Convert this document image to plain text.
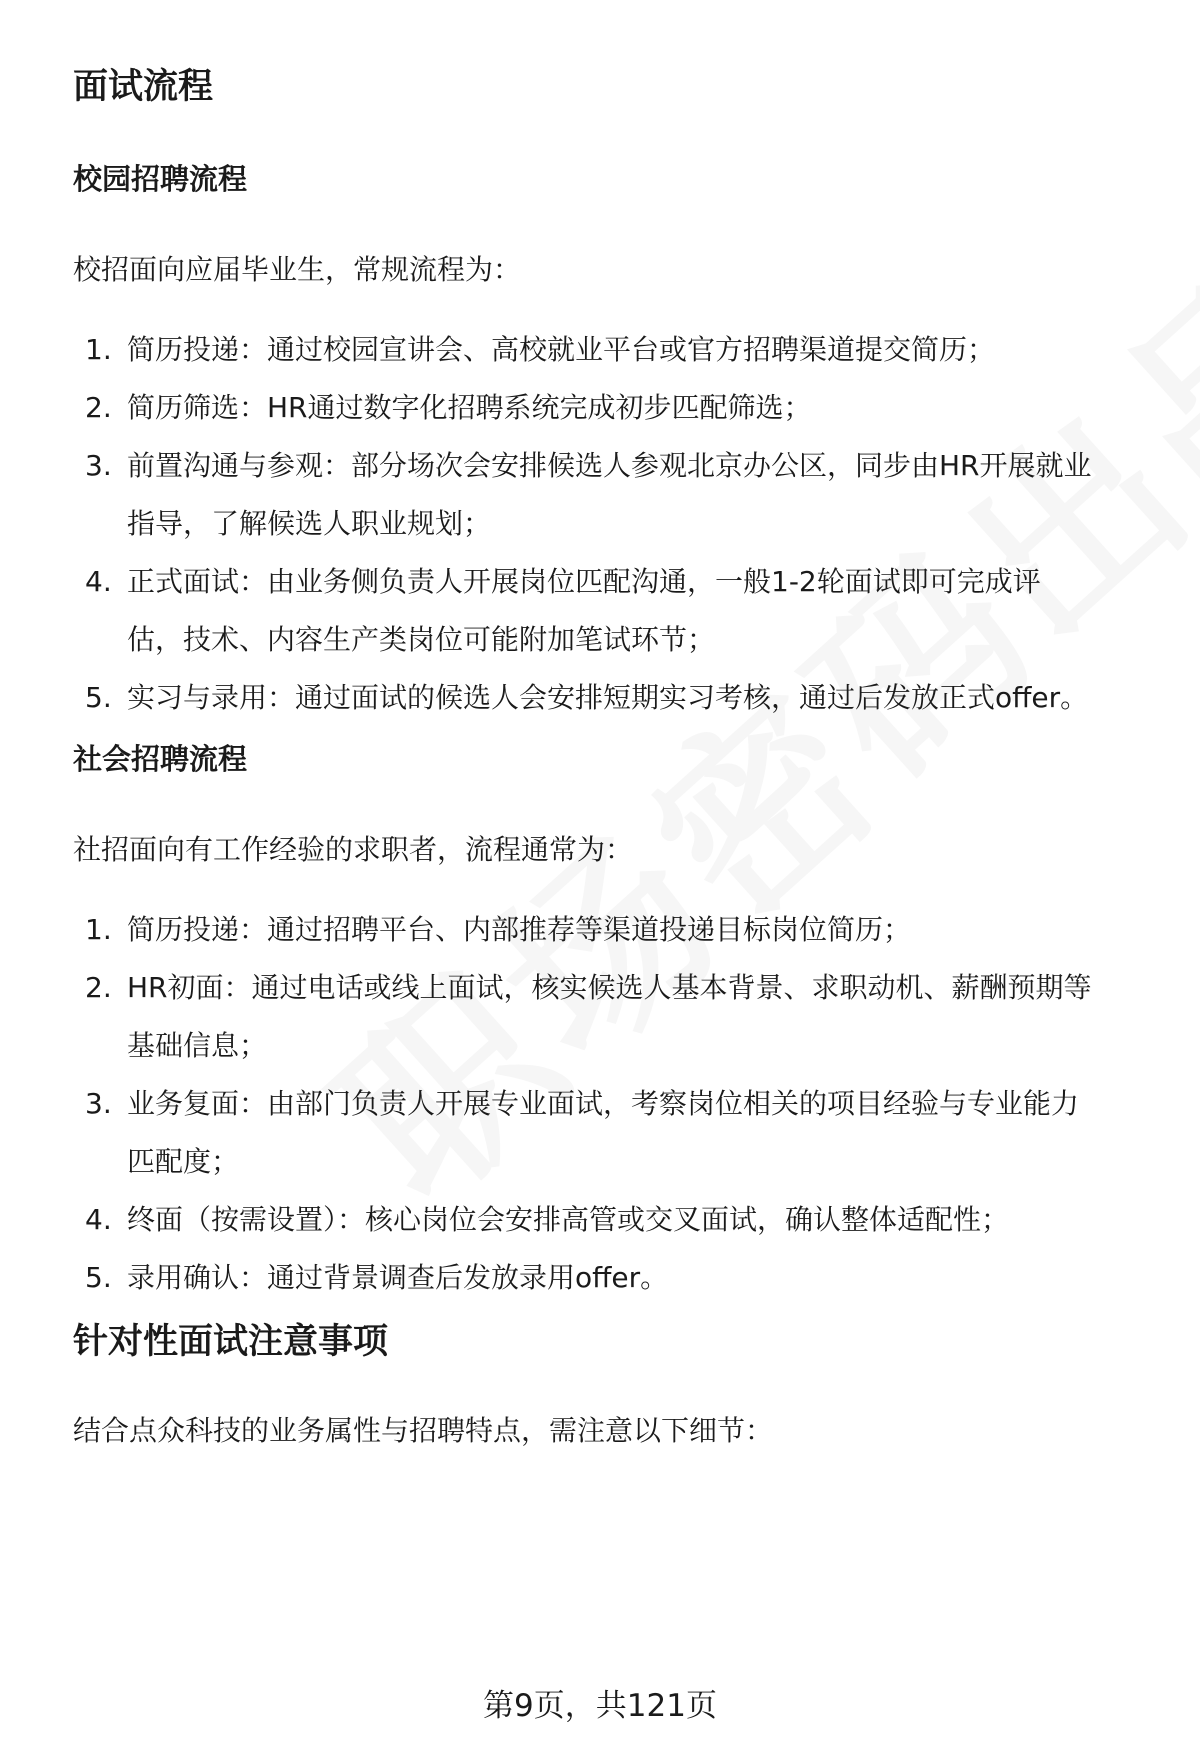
面试流程
校园招聘流程
校招面向应届毕业生，常规流程为：
1. 简历投递：通过校园宣讲会、高校就业平台或官方招聘渠道提交简历；
2. 简历筛选：HR通过数字化招聘系统完成初步匹配筛选；
3. 前置沟通与参观：部分场次会安排候选人参观北京办公区，同步由HR开展就业
指导，了解候选人职业规划；
4. 正式面试：由业务侧负责人开展岗位匹配沟通，一般1-2轮面试即可完成评
估，技术、内容生产类岗位可能附加笔试环节；
5. 实习与录用：通过面试的候选人会安排短期实习考核，通过后发放正式offer。
社会招聘流程
社招面向有工作经验的求职者，流程通常为：
1. 简历投递：通过招聘平台、内部推荐等渠道投递目标岗位简历；
2. HR初面：通过电话或线上面试，核实候选人基本背景、求职动机、薪酬预期等
基础信息；
3. 业务复面：由部门负责人开展专业面试，考察岗位相关的项目经验与专业能力
匹配度；
4. 终面（按需设置）：核心岗位会安排高管或交叉面试，确认整体适配性；
5. 录用确认：通过背景调查后发放录用offer。
针对性面试注意事项
结合点众科技的业务属性与招聘特点，需注意以下细节：
第9页，共121页
